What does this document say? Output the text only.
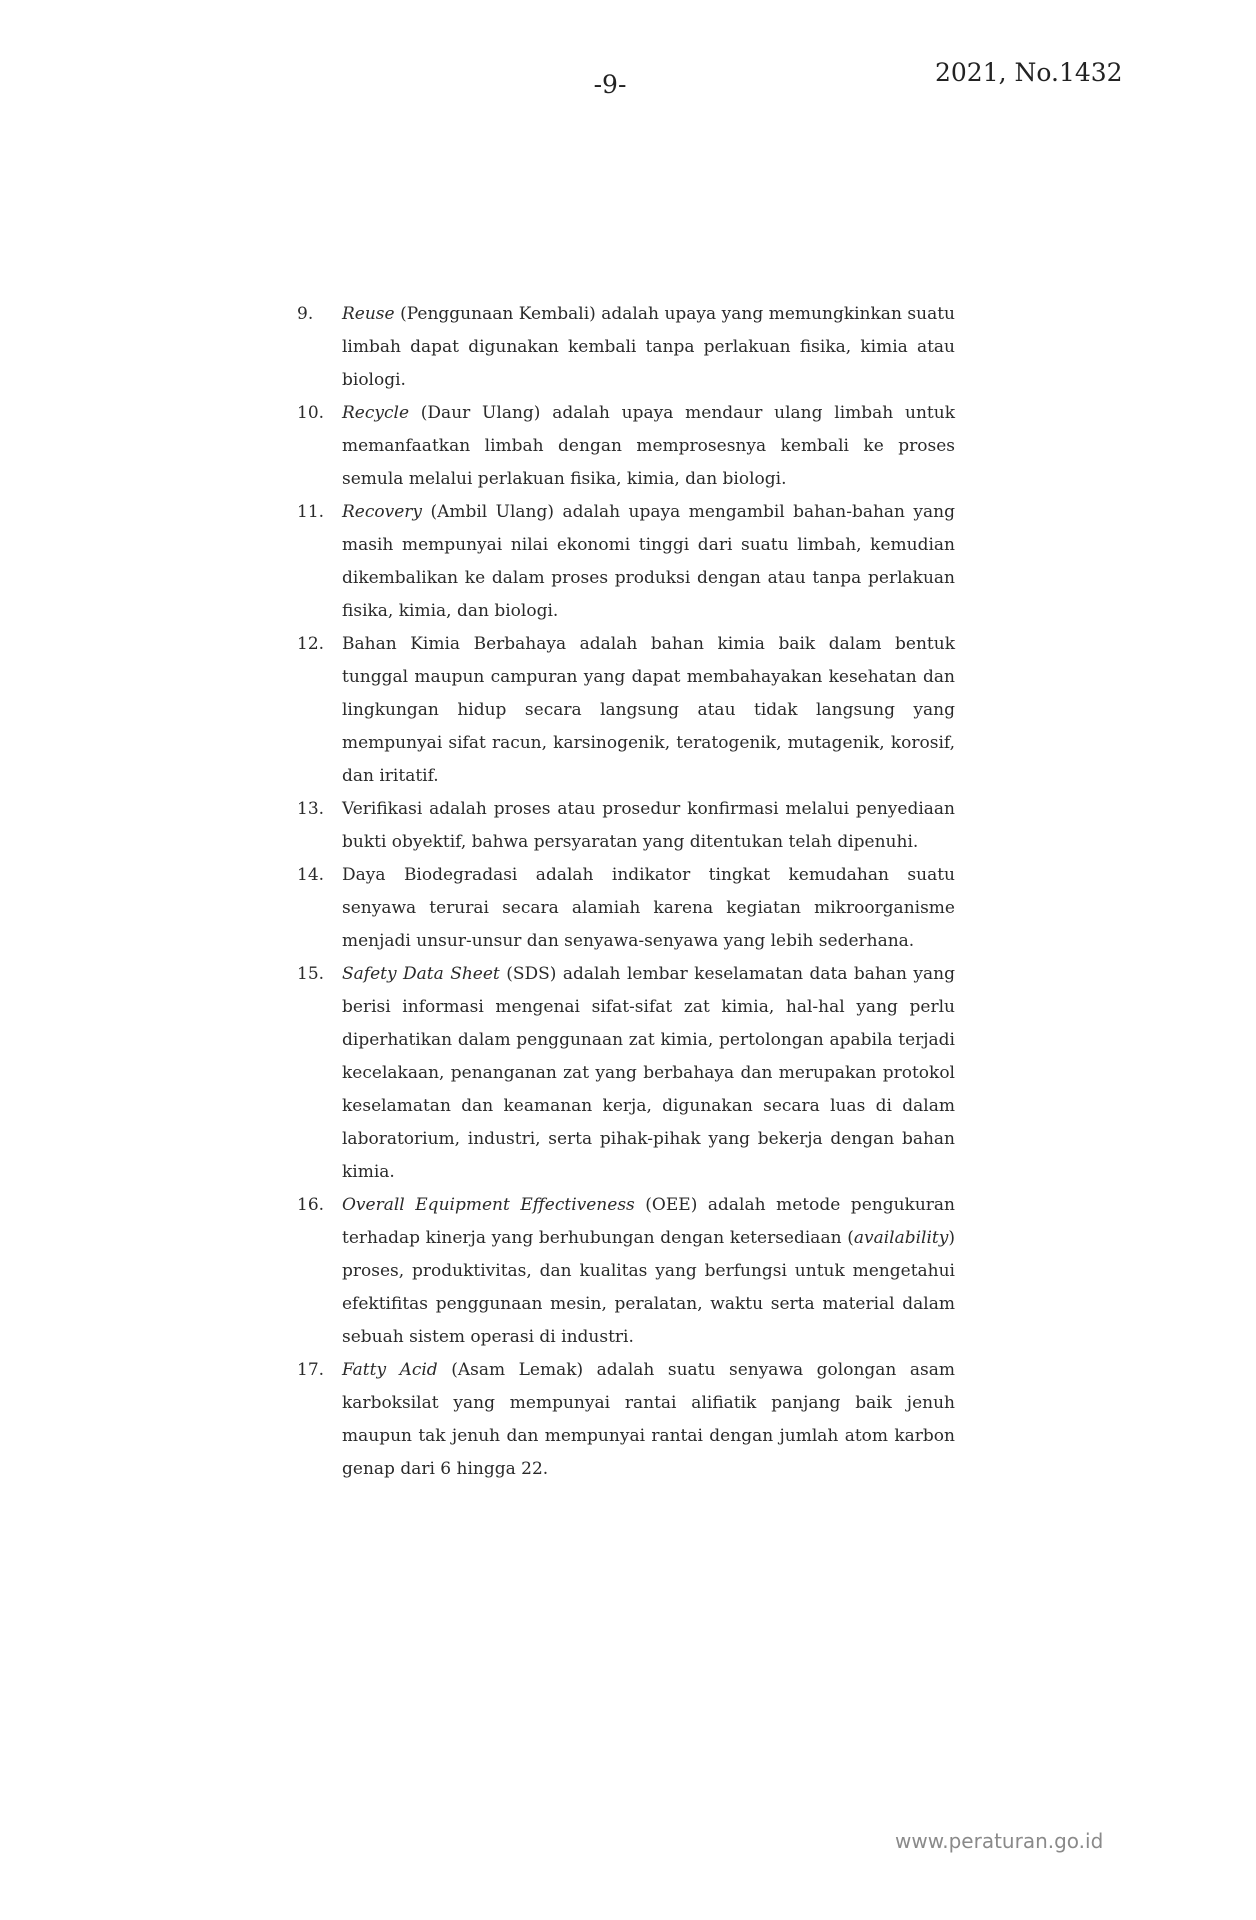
-9-	2021, No.1432
9.	Reuse (Penggunaan Kembali) adalah upaya yang memungkinkan suatu limbah dapat digunakan kembali tanpa perlakuan fisika, kimia atau biologi.
10.	Recycle (Daur Ulang) adalah upaya mendaur ulang limbah untuk memanfaatkan limbah dengan memprosesnya kembali ke proses semula melalui perlakuan fisika, kimia, dan biologi.
11.	Recovery (Ambil Ulang) adalah upaya mengambil bahan-bahan yang masih mempunyai nilai ekonomi tinggi dari suatu limbah, kemudian dikembalikan ke dalam proses produksi dengan atau tanpa perlakuan fisika, kimia, dan biologi.
12.	Bahan Kimia Berbahaya adalah bahan kimia baik dalam bentuk tunggal maupun campuran yang dapat membahayakan kesehatan dan lingkungan hidup secara langsung atau tidak langsung yang mempunyai sifat racun, karsinogenik, teratogenik, mutagenik, korosif, dan iritatif.
13.	Verifikasi adalah proses atau prosedur konfirmasi melalui penyediaan bukti obyektif, bahwa persyaratan yang ditentukan telah dipenuhi.
14.	Daya Biodegradasi adalah indikator tingkat kemudahan suatu senyawa terurai secara alamiah karena kegiatan mikroorganisme menjadi unsur-unsur dan senyawa-senyawa yang lebih sederhana.
15.	Safety Data Sheet (SDS) adalah lembar keselamatan data bahan yang berisi informasi mengenai sifat-sifat zat kimia, hal-hal yang perlu diperhatikan dalam penggunaan zat kimia, pertolongan apabila terjadi kecelakaan, penanganan zat yang berbahaya dan merupakan protokol keselamatan dan keamanan kerja, digunakan secara luas di dalam laboratorium, industri, serta pihak-pihak yang bekerja dengan bahan kimia.
16.	Overall Equipment Effectiveness (OEE) adalah metode pengukuran terhadap kinerja yang berhubungan dengan ketersediaan (availability) proses, produktivitas, dan kualitas yang berfungsi untuk mengetahui efektifitas penggunaan mesin, peralatan, waktu serta material dalam sebuah sistem operasi di industri.
17.	Fatty Acid (Asam Lemak) adalah suatu senyawa golongan asam karboksilat yang mempunyai rantai alifiatik panjang baik jenuh maupun tak jenuh dan mempunyai rantai dengan jumlah atom karbon genap dari 6 hingga 22.
www.peraturan.go.id
